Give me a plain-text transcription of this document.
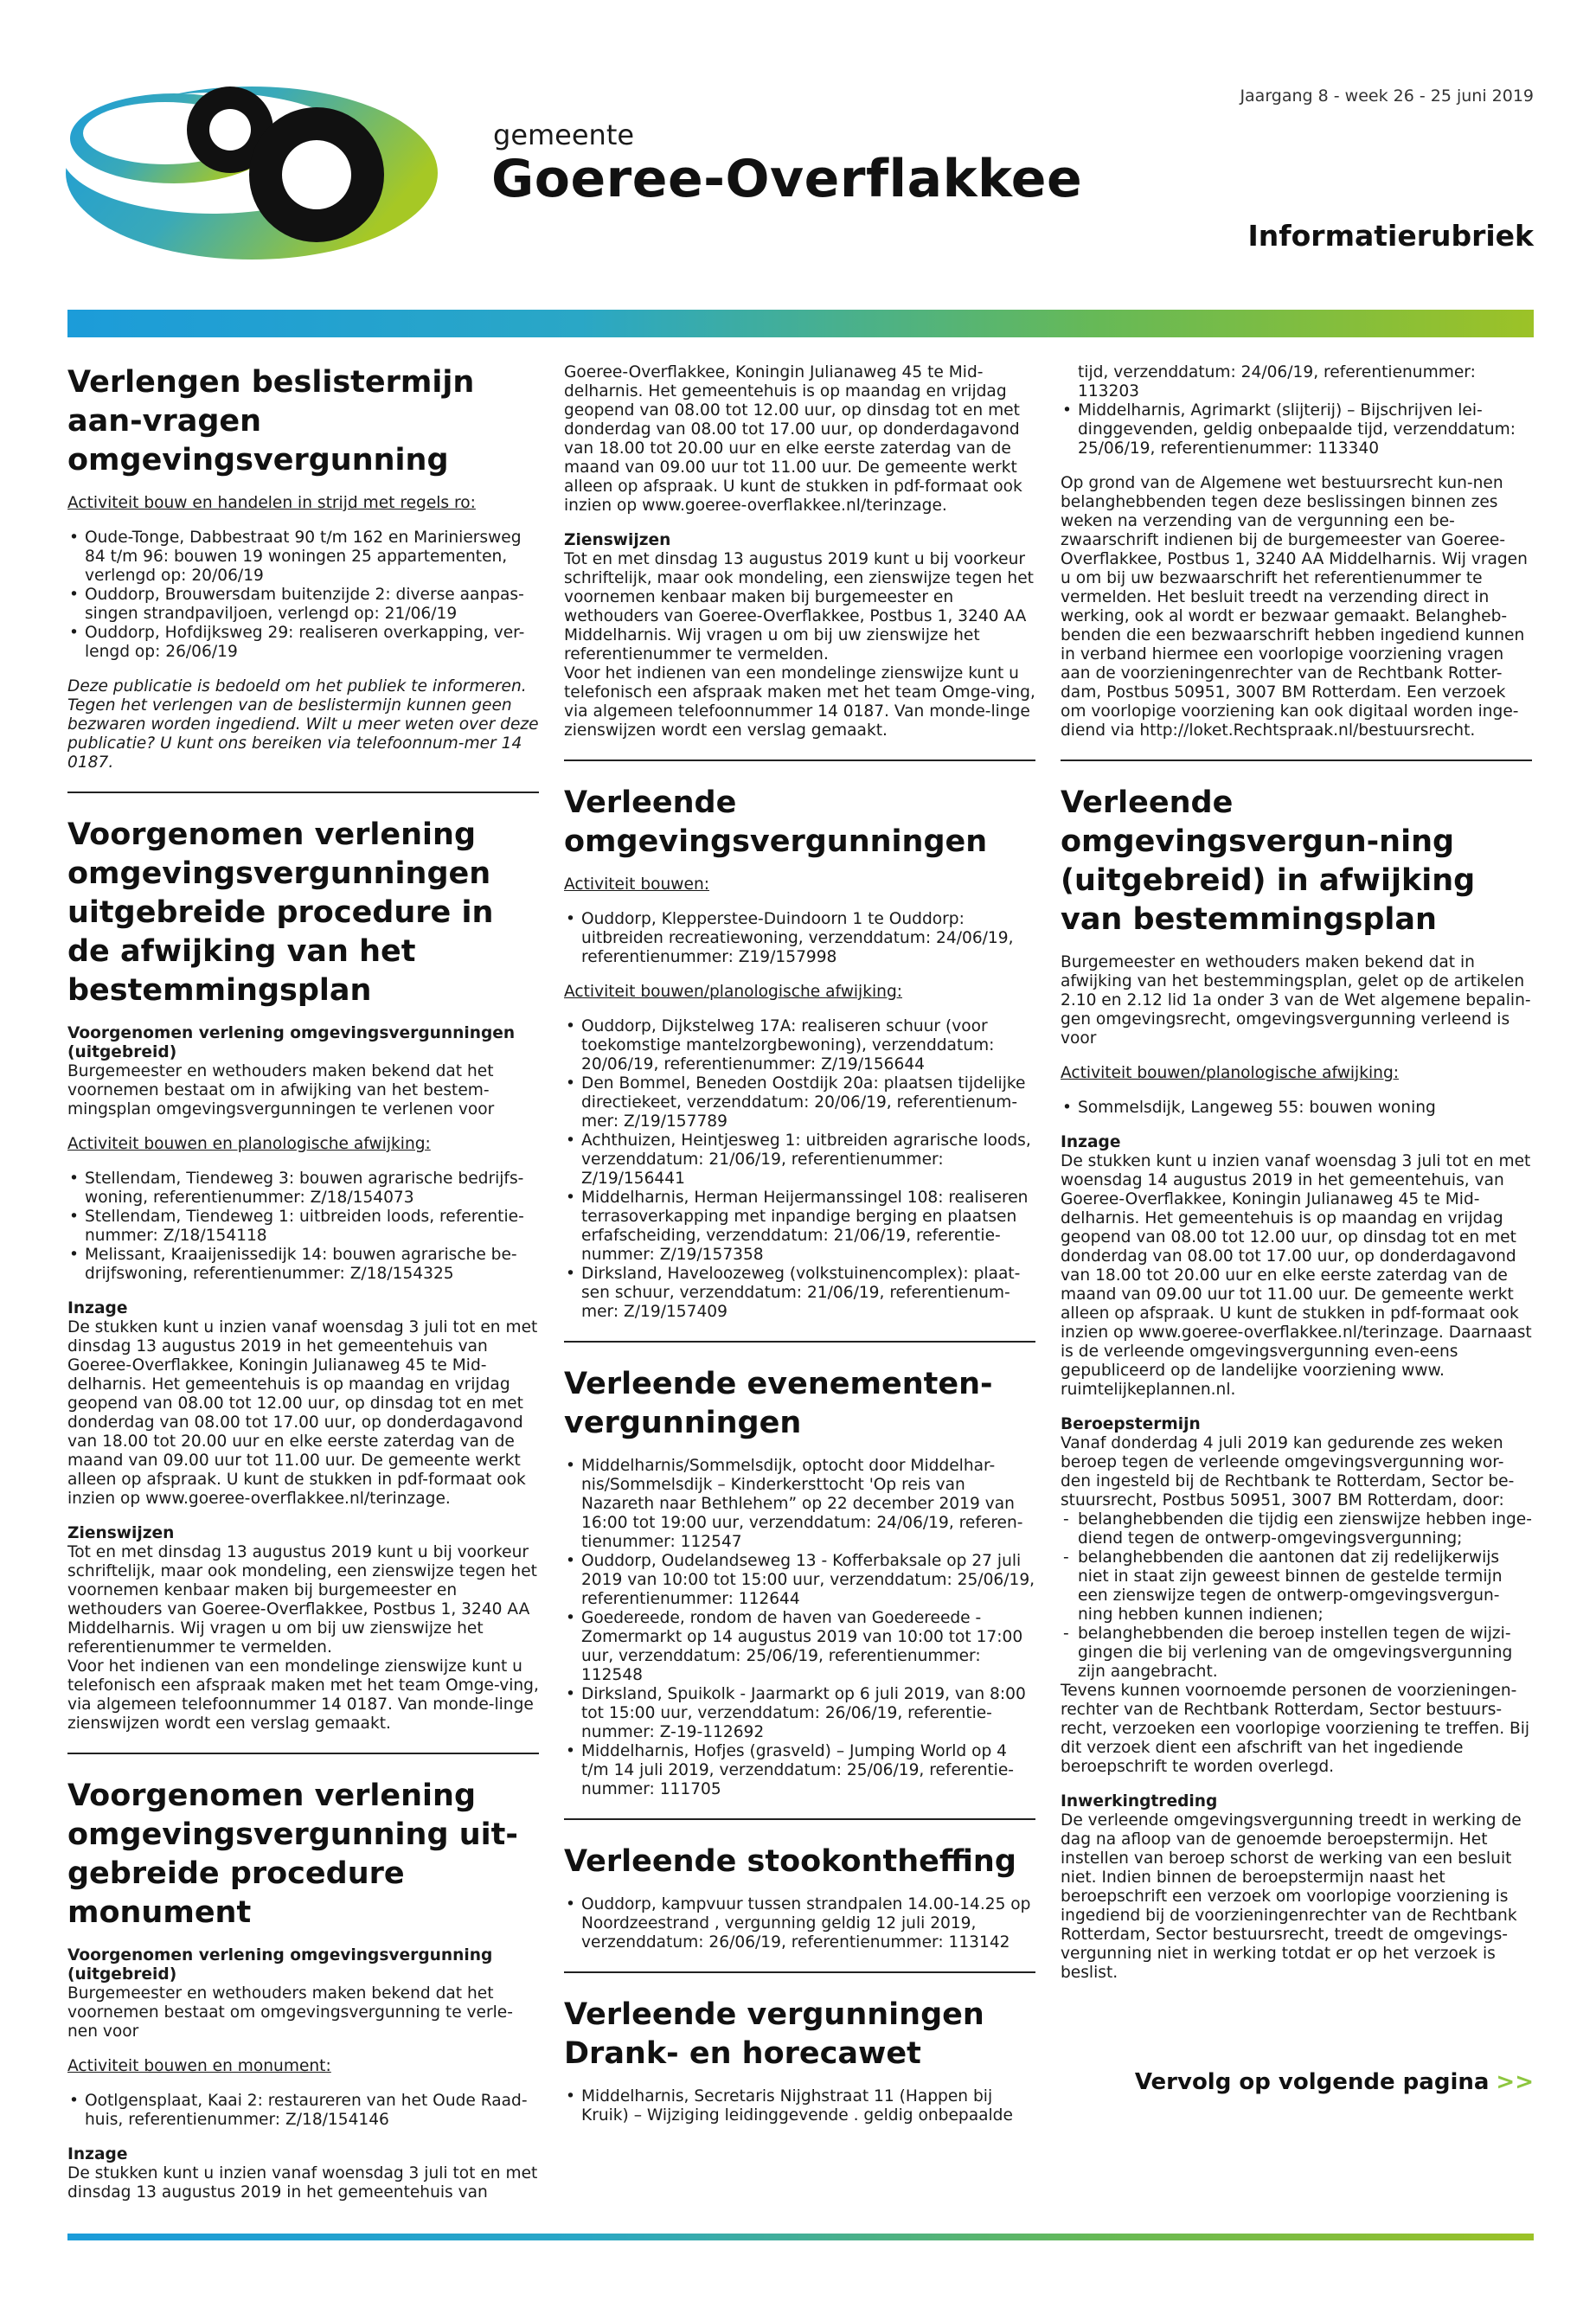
gemeente
Goeree-Overflakkee
Jaargang 8 - week 26 - 25 juni 2019
Informatierubriek
Verlengen beslistermijn aan-vragen omgevingsvergunning

Activiteit bouw en handelen in strijd met regels ro:

• Oude-Tonge, Dabbestraat 90 t/m 162 en Mariniersweg 84 t/m 96: bouwen 19 woningen 25 appartementen, verlengd op: 20/06/19
• Ouddorp, Brouwersdam buitenzijde 2: diverse aanpas-singen strandpaviljoen, verlengd op: 21/06/19
• Ouddorp, Hofdijksweg 29: realiseren overkapping, ver-lengd op: 26/06/19

Deze publicatie is bedoeld om het publiek te informeren. Tegen het verlengen van de beslistermijn kunnen geen bezwaren worden ingediend. Wilt u meer weten over deze publicatie? U kunt ons bereiken via telefoonnum-mer 14 0187.

Voorgenomen verlening omgevingsvergunningen uitgebreide procedure in de afwijking van het bestemmingsplan

Voorgenomen verlening omgevingsvergunningen (uitgebreid)

Burgemeester en wethouders maken bekend dat het voornemen bestaat om in afwijking van het bestem-mingsplan omgevingsvergunningen te verlenen voor

Activiteit bouwen en planologische afwijking:

• Stellendam, Tiendeweg 3: bouwen agrarische bedrijfs-woning, referentienummer: Z/18/154073
• Stellendam, Tiendeweg 1: uitbreiden loods, referentie-nummer: Z/18/154118
• Melissant, Kraaijenissedijk 14: bouwen agrarische be-drijfswoning, referentienummer: Z/18/154325

Inzage

De stukken kunt u inzien vanaf woensdag 3 juli tot en met dinsdag 13 augustus 2019 in het gemeentehuis van Goeree-Overflakkee, Koningin Julianaweg 45 te Mid-delharnis. Het gemeentehuis is op maandag en vrijdag geopend van 08.00 tot 12.00 uur, op dinsdag tot en met donderdag van 08.00 tot 17.00 uur, op donderdagavond van 18.00 tot 20.00 uur en elke eerste zaterdag van de maand van 09.00 uur tot 11.00 uur. De gemeente werkt alleen op afspraak. U kunt de stukken in pdf-formaat ook inzien op www.goeree-overflakkee.nl/terinzage.

Zienswijzen

Tot en met dinsdag 13 augustus 2019 kunt u bij voorkeur schriftelijk, maar ook mondeling, een zienswijze tegen het voornemen kenbaar maken bij burgemeester en wethouders van Goeree-Overflakkee, Postbus 1, 3240 AA Middelharnis. Wij vragen u om bij uw zienswijze het referentienummer te vermelden.

Voor het indienen van een mondelinge zienswijze kunt u telefonisch een afspraak maken met het team Omge-ving, via algemeen telefoonnummer 14 0187. Van monde-linge zienswijzen wordt een verslag gemaakt.

Voorgenomen verlening omgevingsvergunning uit-gebreide procedure monument

Voorgenomen verlening omgevingsvergunning (uitgebreid)

Burgemeester en wethouders maken bekend dat het voornemen bestaat om omgevingsvergunning te verle-nen voor

Activiteit bouwen en monument:

• Ootlgensplaat, Kaai 2: restaureren van het Oude Raad-huis, referentienummer: Z/18/154146

Inzage

De stukken kunt u inzien vanaf woensdag 3 juli tot en met dinsdag 13 augustus 2019 in het gemeentehuis van

Goeree-Overflakkee, Koningin Julianaweg 45 te Mid-delharnis. Het gemeentehuis is op maandag en vrijdag geopend van 08.00 tot 12.00 uur, op dinsdag tot en met donderdag van 08.00 tot 17.00 uur, op donderdagavond van 18.00 tot 20.00 uur en elke eerste zaterdag van de maand van 09.00 uur tot 11.00 uur. De gemeente werkt alleen op afspraak. U kunt de stukken in pdf-formaat ook inzien op www.goeree-overflakkee.nl/terinzage.

Zienswijzen

Tot en met dinsdag 13 augustus 2019 kunt u bij voorkeur schriftelijk, maar ook mondeling, een zienswijze tegen het voornemen kenbaar maken bij burgemeester en wethouders van Goeree-Overflakkee, Postbus 1, 3240 AA Middelharnis. Wij vragen u om bij uw zienswijze het referentienummer te vermelden.

Voor het indienen van een mondelinge zienswijze kunt u telefonisch een afspraak maken met het team Omge-ving, via algemeen telefoonnummer 14 0187. Van monde-linge zienswijzen wordt een verslag gemaakt.

Verleende omgevingsvergunningen

Activiteit bouwen:

• Ouddorp, Klepperstee-Duindoorn 1 te Ouddorp: uitbreiden recreatiewoning, verzenddatum: 24/06/19, referentienummer: Z19/157998

Activiteit bouwen/planologische afwijking:

• Ouddorp, Dijkstelweg 17A: realiseren schuur (voor toekomstige mantelzorgbewoning), verzenddatum: 20/06/19, referentienummer: Z/19/156644
• Den Bommel, Beneden Oostdijk 20a: plaatsen tijdelijke directiekeet, verzenddatum: 20/06/19, referentienum-mer: Z/19/157789
• Achthuizen, Heintjesweg 1: uitbreiden agrarische loods, verzenddatum: 21/06/19, referentienummer: Z/19/156441
• Middelharnis, Herman Heijermanssingel 108: realiseren terrasoverkapping met inpandige berging en plaatsen erfafscheiding, verzenddatum: 21/06/19, referentie-nummer: Z/19/157358
• Dirksland, Haveloozeweg (volkstuinencomplex): plaat-sen schuur, verzenddatum: 21/06/19, referentienum-mer: Z/19/157409
Verleende evenementen-vergunningen
• Middelharnis/Sommelsdijk, optocht door Middelhar-nis/Sommelsdijk – Kinderkersttocht 'Op reis van Nazareth naar Bethlehem” op 22 december 2019 van 16:00 tot 19:00 uur, verzenddatum: 24/06/19, referen-tienummer: 112547
• Ouddorp, Oudelandseweg 13 - Kofferbaksale op 27 juli 2019 van 10:00 tot 15:00 uur, verzenddatum: 25/06/19, referentienummer: 112644
• Goedereede, rondom de haven van Goedereede - Zomermarkt op 14 augustus 2019 van 10:00 tot 17:00 uur, verzenddatum: 25/06/19, referentienummer: 112548
• Dirksland, Spuikolk - Jaarmarkt op 6 juli 2019, van 8:00 tot 15:00 uur, verzenddatum: 26/06/19, referentie-nummer: Z-19-112692
• Middelharnis, Hofjes (grasveld) – Jumping World op 4 t/m 14 juli 2019, verzenddatum: 25/06/19, referentie-nummer: 111705
Verleende stookontheffing
• Ouddorp, kampvuur tussen strandpalen 14.00-14.25 op Noordzeestrand , vergunning geldig 12 juli 2019, verzenddatum: 26/06/19, referentienummer: 113142
Verleende vergunningen Drank- en horecawet
• Middelharnis, Secretaris Nijghstraat 11 (Happen bij Kruik) – Wijziging leidinggevende . geldig onbepaalde
tijd, verzenddatum: 24/06/19, referentienummer: 113203
• Middelharnis, Agrimarkt (slijterij) – Bijschrijven lei-dinggevenden, geldig onbepaalde tijd, verzenddatum: 25/06/19, referentienummer: 113340

Op grond van de Algemene wet bestuursrecht kun-nen belanghebbenden tegen deze beslissingen binnen zes weken na verzending van de vergunning een be-zwaarschrift indienen bij de burgemeester van Goeree-Overflakkee, Postbus 1, 3240 AA Middelharnis. Wij vragen u om bij uw bezwaarschrift het referentienummer te vermelden. Het besluit treedt na verzending direct in werking, ook al wordt er bezwaar gemaakt. Belangheb-benden die een bezwaarschrift hebben ingediend kunnen in verband hiermee een voorlopige voorziening vragen aan de voorzieningenrechter van de Rechtbank Rotter-dam, Postbus 50951, 3007 BM Rotterdam. Een verzoek om voorlopige voorziening kan ook digitaal worden inge-diend via http://loket.Rechtspraak.nl/bestuursrecht.

Verleende omgevingsvergun-ning (uitgebreid) in afwijking van bestemmingsplan

Burgemeester en wethouders maken bekend dat in afwijking van het bestemmingsplan, gelet op de artikelen 2.10 en 2.12 lid 1a onder 3 van de Wet algemene bepalin-gen omgevingsrecht, omgevingsvergunning verleend is voor

Activiteit bouwen/planologische afwijking:

• Sommelsdijk, Langeweg 55: bouwen woning

Inzage

De stukken kunt u inzien vanaf woensdag 3 juli tot en met woensdag 14 augustus 2019 in het gemeentehuis, van Goeree-Overflakkee, Koningin Julianaweg 45 te Mid-delharnis. Het gemeentehuis is op maandag en vrijdag geopend van 08.00 tot 12.00 uur, op dinsdag tot en met donderdag van 08.00 tot 17.00 uur, op donderdagavond van 18.00 tot 20.00 uur en elke eerste zaterdag van de maand van 09.00 uur tot 11.00 uur. De gemeente werkt alleen op afspraak. U kunt de stukken in pdf-formaat ook inzien op www.goeree-overflakkee.nl/terinzage. Daarnaast is de verleende omgevingsvergunning even-eens gepubliceerd op de landelijke voorziening www. ruimtelijkeplannen.nl.

Beroepstermijn

Vanaf donderdag 4 juli 2019 kan gedurende zes weken beroep tegen de verleende omgevingsvergunning wor-den ingesteld bij de Rechtbank te Rotterdam, Sector be-stuursrecht, Postbus 50951, 3007 BM Rotterdam, door:

- belanghebbenden die tijdig een zienswijze hebben inge-diend tegen de ontwerp-omgevingsvergunning;
- belanghebbenden die aantonen dat zij redelijkerwijs niet in staat zijn geweest binnen de gestelde termijn een zienswijze tegen de ontwerp-omgevingsvergun-ning hebben kunnen indienen;
- belanghebbenden die beroep instellen tegen de wijzi-gingen die bij verlening van de omgevingsvergunning zijn aangebracht.

Tevens kunnen voornoemde personen de voorzieningen-rechter van de Rechtbank Rotterdam, Sector bestuurs-recht, verzoeken een voorlopige voorziening te treffen. Bij dit verzoek dient een afschrift van het ingediende beroepschrift te worden overlegd.

Inwerkingtreding

De verleende omgevingsvergunning treedt in werking de dag na afloop van de genoemde beroepstermijn. Het instellen van beroep schorst de werking van een besluit niet. Indien binnen de beroepstermijn naast het beroepschrift een verzoek om voorlopige voorziening is ingediend bij de voorzieningenrechter van de Rechtbank Rotterdam, Sector bestuursrecht, treedt de omgevings-vergunning niet in werking totdat er op het verzoek is beslist.

Vervolg op volgende pagina >>
